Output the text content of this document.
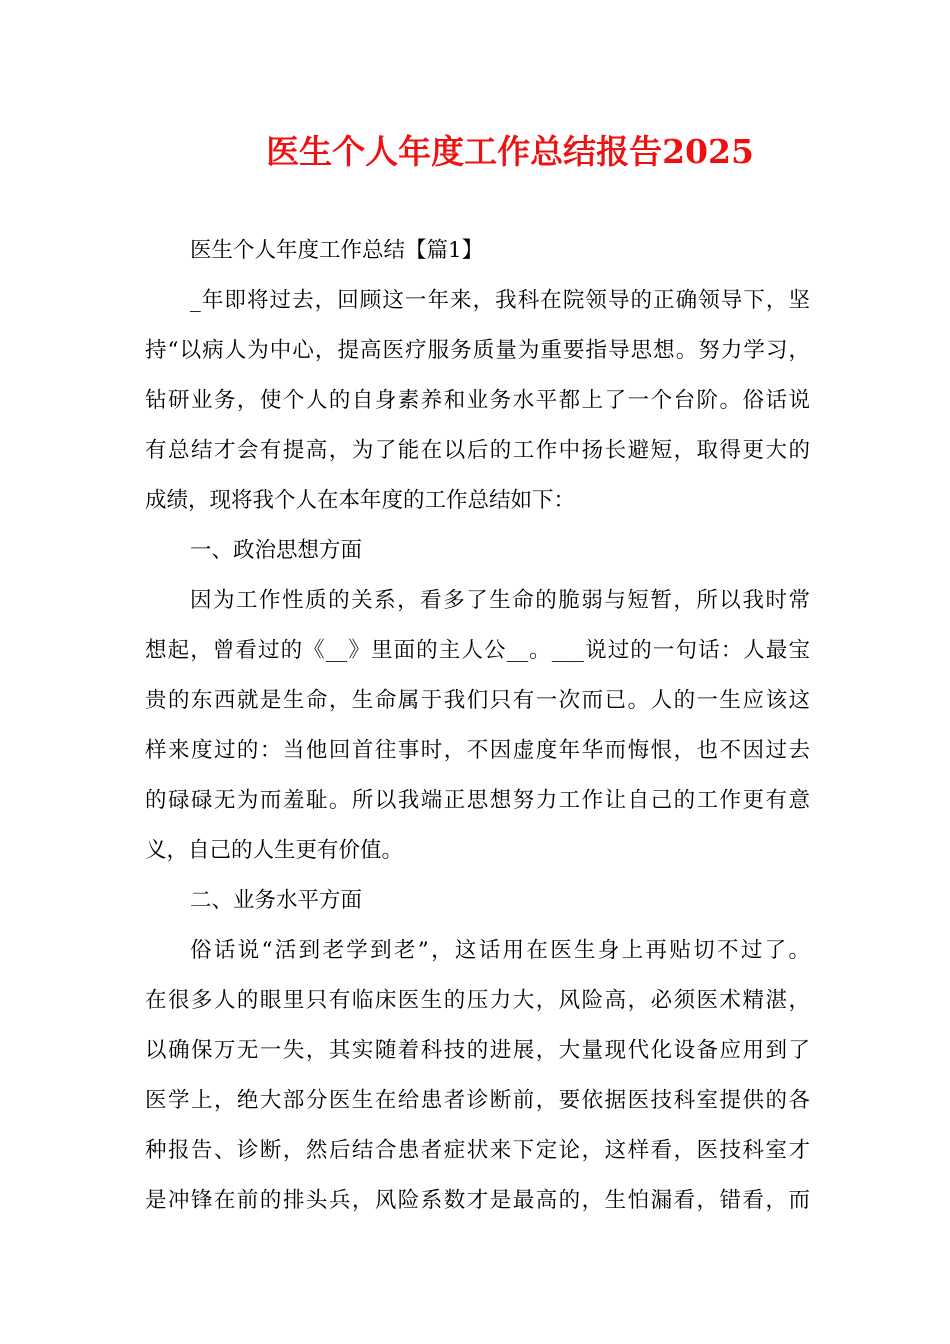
医生个人年度工作总结报告2025
医生个人年度工作总结【篇1】
_年即将过去，回顾这一年来，我科在院领导的正确领导下，坚
持“以病人为中心，提高医疗服务质量为重要指导思想。努力学习，
钻研业务，使个人的自身素养和业务水平都上了一个台阶。俗话说
有总结才会有提高，为了能在以后的工作中扬长避短，取得更大的
成绩，现将我个人在本年度的工作总结如下：
一、政治思想方面
因为工作性质的关系，看多了生命的脆弱与短暂，所以我时常
想起，曾看过的《__》里面的主人公__。___说过的一句话：人最宝
贵的东西就是生命，生命属于我们只有一次而已。人的一生应该这
样来度过的：当他回首往事时，不因虚度年华而悔恨，也不因过去
的碌碌无为而羞耻。所以我端正思想努力工作让自己的工作更有意
义，自己的人生更有价值。
二、业务水平方面
俗话说“活到老学到老”，这话用在医生身上再贴切不过了。
在很多人的眼里只有临床医生的压力大，风险高，必须医术精湛，
以确保万无一失，其实随着科技的进展，大量现代化设备应用到了
医学上，绝大部分医生在给患者诊断前，要依据医技科室提供的各
种报告、诊断，然后结合患者症状来下定论，这样看，医技科室才
是冲锋在前的排头兵，风险系数才是最高的，生怕漏看，错看，而
